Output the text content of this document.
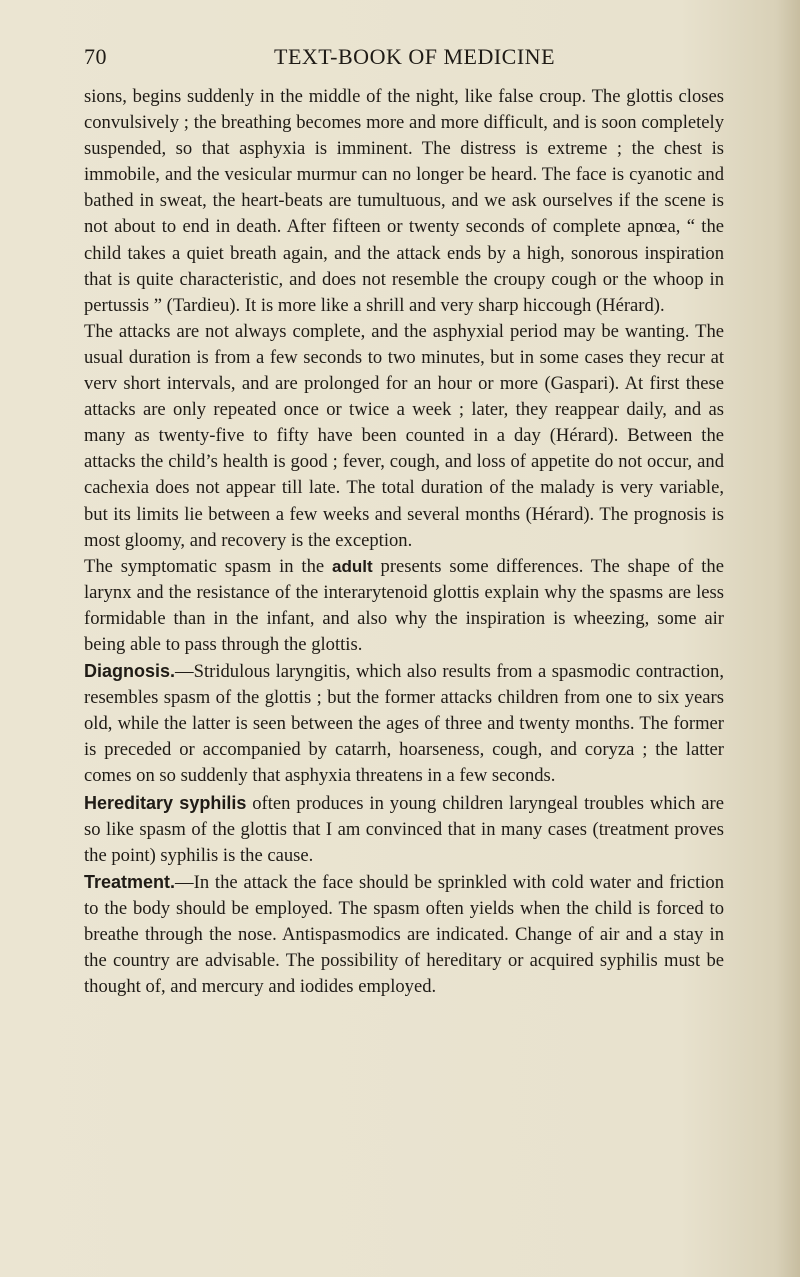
70	TEXT-BOOK OF MEDICINE

sions, begins suddenly in the middle of the night, like false croup. The glottis closes convulsively ; the breathing becomes more and more difficult, and is soon completely suspended, so that asphyxia is imminent. The distress is extreme ; the chest is immobile, and the vesicular murmur can no longer be heard. The face is cyanotic and bathed in sweat, the heart-beats are tumultuous, and we ask ourselves if the scene is not about to end in death. After fifteen or twenty seconds of complete apnœa, “ the child takes a quiet breath again, and the attack ends by a high, sonorous inspiration that is quite characteristic, and does not resemble the croupy cough or the whoop in pertussis ” (Tardieu). It is more like a shrill and very sharp hiccough (Hérard).

The attacks are not always complete, and the asphyxial period may be wanting. The usual duration is from a few seconds to two minutes, but in some cases they recur at verv short intervals, and are prolonged for an hour or more (Gaspari). At first these attacks are only repeated once or twice a week ; later, they reappear daily, and as many as twenty-five to fifty have been counted in a day (Hérard). Between the attacks the child’s health is good ; fever, cough, and loss of appetite do not occur, and cachexia does not appear till late. The total duration of the malady is very variable, but its limits lie between a few weeks and several months (Hérard). The prognosis is most gloomy, and recovery is the exception.

The symptomatic spasm in the adult presents some differences. The shape of the larynx and the resistance of the interarytenoid glottis explain why the spasms are less formidable than in the infant, and also why the inspiration is wheezing, some air being able to pass through the glottis.

Diagnosis.—Stridulous laryngitis, which also results from a spasmodic contraction, resembles spasm of the glottis ; but the former attacks children from one to six years old, while the latter is seen between the ages of three and twenty months. The former is preceded or accompanied by catarrh, hoarseness, cough, and coryza ; the latter comes on so suddenly that asphyxia threatens in a few seconds.

Hereditary syphilis often produces in young children laryngeal troubles which are so like spasm of the glottis that I am convinced that in many cases (treatment proves the point) syphilis is the cause.

Treatment.—In the attack the face should be sprinkled with cold water and friction to the body should be employed. The spasm often yields when the child is forced to breathe through the nose. Antispasmodics are indicated. Change of air and a stay in the country are advisable. The possibility of hereditary or acquired syphilis must be thought of, and mercury and iodides employed.
